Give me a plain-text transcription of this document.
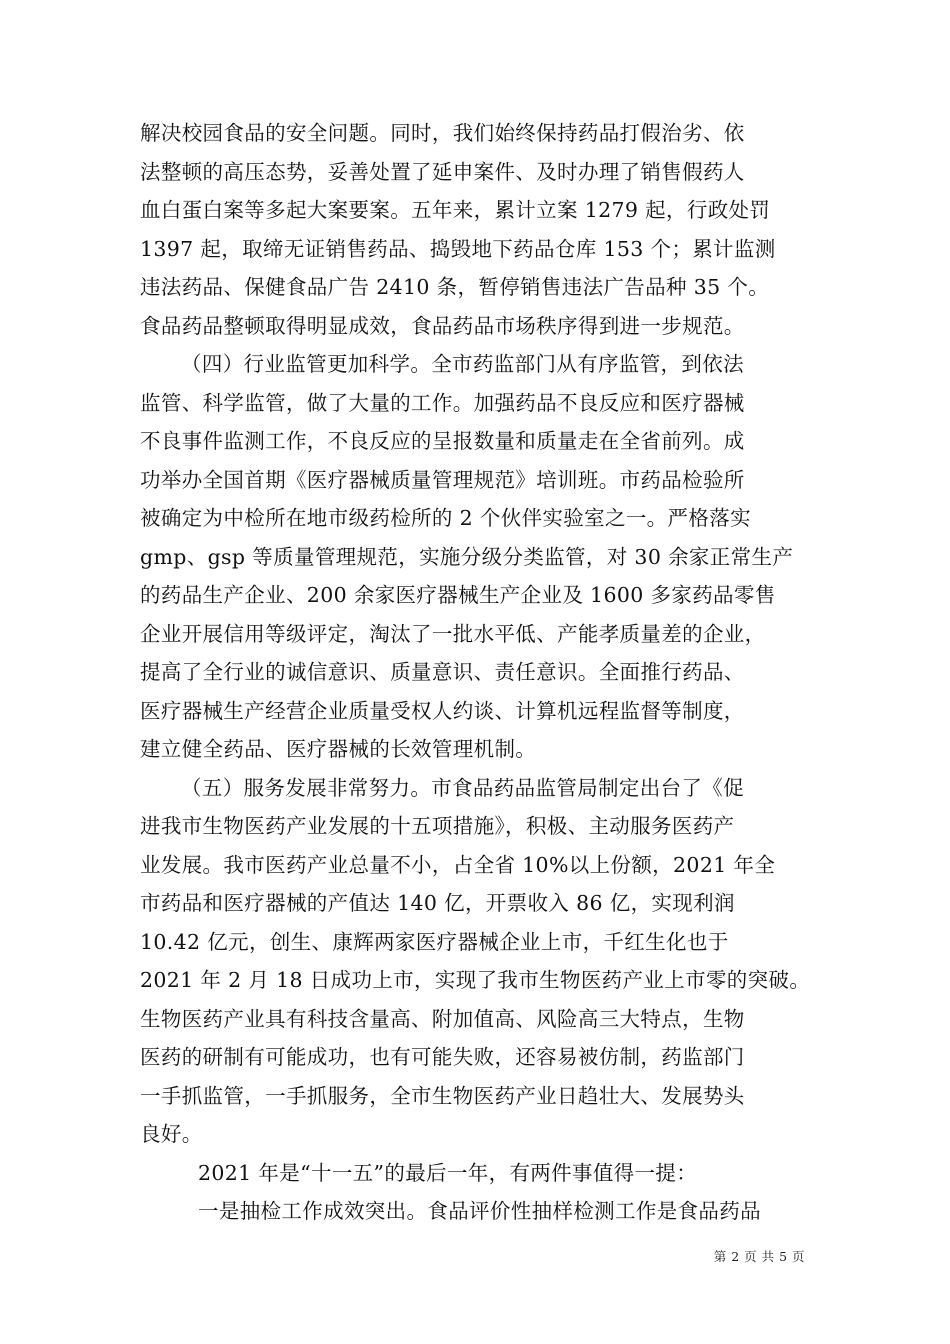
解决校园食品的安全问题。同时，我们始终保持药品打假治劣、依
法整顿的高压态势，妥善处置了延申案件、及时办理了销售假药人
血白蛋白案等多起大案要案。五年来，累计立案 1279 起，行政处罚
1397 起，取缔无证销售药品、捣毁地下药品仓库 153 个；累计监测
违法药品、保健食品广告 2410 条，暂停销售违法广告品种 35 个。
食品药品整顿取得明显成效，食品药品市场秩序得到进一步规范。
（四）行业监管更加科学。全市药监部门从有序监管，到依法
监管、科学监管，做了大量的工作。加强药品不良反应和医疗器械
不良事件监测工作，不良反应的呈报数量和质量走在全省前列。成
功举办全国首期《医疗器械质量管理规范》培训班。市药品检验所
被确定为中检所在地市级药检所的 2 个伙伴实验室之一。严格落实
gmp、gsp 等质量管理规范，实施分级分类监管，对 30 余家正常生产
的药品生产企业、200 余家医疗器械生产企业及 1600 多家药品零售
企业开展信用等级评定，淘汰了一批水平低、产能孝质量差的企业，
提高了全行业的诚信意识、质量意识、责任意识。全面推行药品、
医疗器械生产经营企业质量受权人约谈、计算机远程监督等制度，
建立健全药品、医疗器械的长效管理机制。
（五）服务发展非常努力。市食品药品监管局制定出台了《促
进我市生物医药产业发展的十五项措施》，积极、主动服务医药产
业发展。我市医药产业总量不小，占全省 10%以上份额，2021 年全
市药品和医疗器械的产值达 140 亿，开票收入 86 亿，实现利润
10.42 亿元，创生、康辉两家医疗器械企业上市，千红生化也于
2021 年 2 月 18 日成功上市，实现了我市生物医药产业上市零的突破。
生物医药产业具有科技含量高、附加值高、风险高三大特点，生物
医药的研制有可能成功，也有可能失败，还容易被仿制，药监部门
一手抓监管，一手抓服务，全市生物医药产业日趋壮大、发展势头
良好。
2021 年是“十一五”的最后一年，有两件事值得一提：
一是抽检工作成效突出。食品评价性抽样检测工作是食品药品
第 2 页 共 5 页
